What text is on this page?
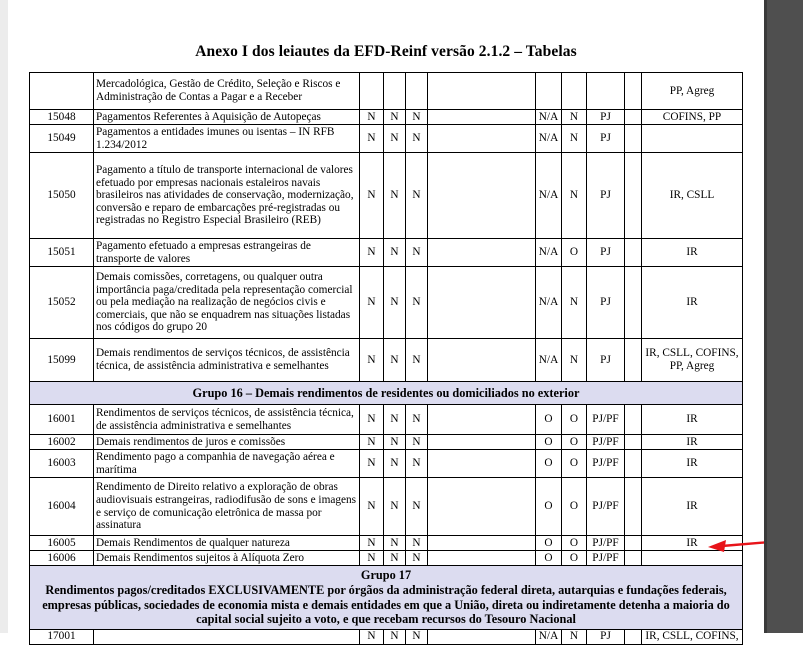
Anexo I dos leiautes da EFD-Reinf versão 2.1.2 – Tabelas
	Mercadológica, Gestão de Crédito, Seleção e Riscos e Administração de Contas a Pagar e a Receber									PP, Agreg
15048	Pagamentos Referentes à Aquisição de Autopeças	N	N	N		N/A	N	PJ		COFINS, PP
15049	Pagamentos a entidades imunes ou isentas – IN RFB 1.234/2012	N	N	N		N/A	N	PJ		
15050	Pagamento a título de transporte internacional de valores efetuado por empresas nacionais estaleiros navais brasileiros nas atividades de conservação, modernização, conversão e reparo de embarcações pré-registradas ou registradas no Registro Especial Brasileiro (REB)	N	N	N		N/A	N	PJ		IR, CSLL
15051	Pagamento efetuado a empresas estrangeiras de transporte de valores	N	N	N		N/A	O	PJ		IR
15052	Demais comissões, corretagens, ou qualquer outra importância paga/creditada pela representação comercial ou pela mediação na realização de negócios civis e comerciais, que não se enquadrem nas situações listadas nos códigos do grupo 20	N	N	N		N/A	N	PJ		IR
15099	Demais rendimentos de serviços técnicos, de assistência técnica, de assistência administrativa e semelhantes	N	N	N		N/A	N	PJ		IR, CSLL, COFINS, PP, Agreg
Grupo 16 – Demais rendimentos de residentes ou domiciliados no exterior										
16001	Rendimentos de serviços técnicos, de assistência técnica, de assistência administrativa e semelhantes	N	N	N		O	O	PJ/PF		IR
16002	Demais rendimentos de juros e comissões	N	N	N		O	O	PJ/PF		IR
16003	Rendimento pago a companhia de navegação aérea e marítima	N	N	N		O	O	PJ/PF		IR
16004	Rendimento de Direito relativo a exploração de obras audiovisuais estrangeiras, radiodifusão de sons e imagens e serviço de comunicação eletrônica de massa por assinatura	N	N	N		O	O	PJ/PF		IR
16005	Demais Rendimentos de qualquer natureza	N	N	N		O	O	PJ/PF		IR
16006	Demais Rendimentos sujeitos à Alíquota Zero	N	N	N		O	O	PJ/PF		

Grupo 17
Rendimentos pagos/creditados EXCLUSIVAMENTE por órgãos da administração federal direta, autarquias e fundações federais, empresas públicas, sociedades de economia mista e demais entidades em que a União, direta ou indiretamente detenha a maioria do capital social sujeito a voto, e que recebam recursos do Tesouro Nacional										

17001		N	N	N		N/A	N	PJ		IR, CSLL, COFINS,
